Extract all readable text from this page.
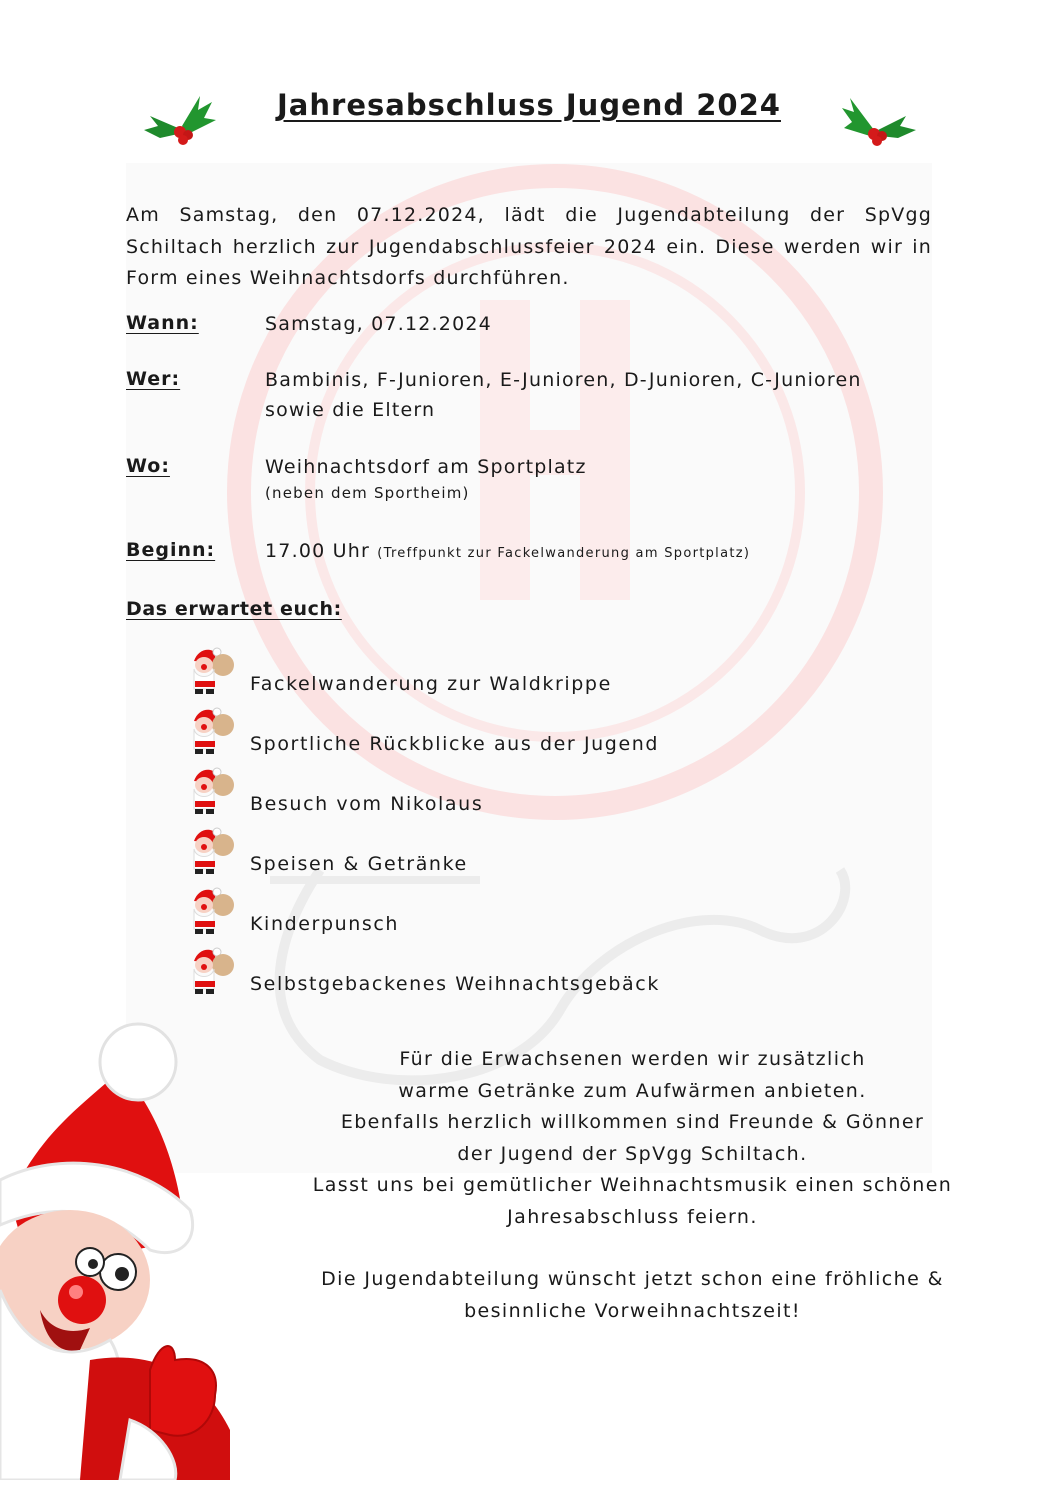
Jahresabschluss Jugend 2024
Am Samstag, den 07.12.2024, lädt die Jugendabteilung der SpVgg Schiltach herzlich zur Jugendabschlussfeier 2024 ein. Diese werden wir in Form eines Weihnachtsdorfs durchführen.
Wann:	Samstag, 07.12.2024
Wer:	Bambinis, F-Junioren, E-Junioren, D-Junioren, C-Junioren sowie die Eltern
Wo:	Weihnachtsdorf am Sportplatz
(neben dem Sportheim)
Beginn:	17.00 Uhr (Treffpunkt zur Fackelwanderung am Sportplatz)
Das erwartet euch:
Fackelwanderung zur Waldkrippe
Sportliche Rückblicke aus der Jugend
Besuch vom Nikolaus
Speisen & Getränke
Kinderpunsch
Selbstgebackenes Weihnachtsgebäck

Für die Erwachsenen werden wir zusätzlich

warme Getränke zum Aufwärmen anbieten.

Ebenfalls herzlich willkommen sind Freunde & Gönner

der Jugend der SpVgg Schiltach.

Lasst uns bei gemütlicher Weihnachtsmusik einen schönen

Jahresabschluss feiern.

Die Jugendabteilung wünscht jetzt schon eine fröhliche &

besinnliche Vorweihnachtszeit!
